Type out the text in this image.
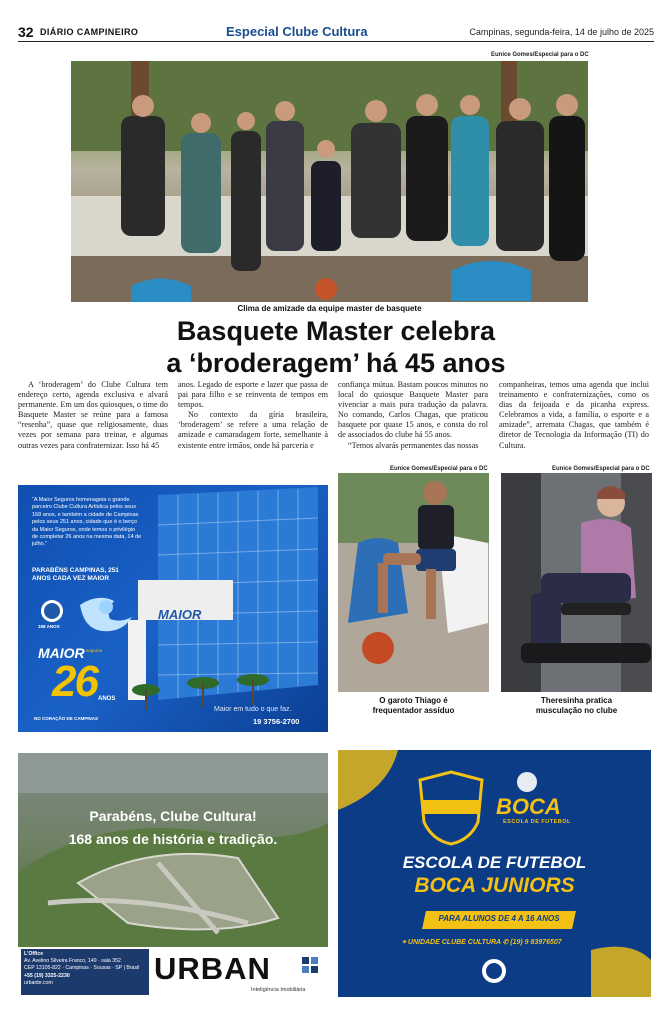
32 DIÁRIO CAMPINEIRO	Especial Clube Cultura	Campinas, segunda-feira, 14 de julho de 2025
Eunice Gomes/Especial para o DC
Clima de amizade da equipe master de basquete
Basquete Master celebra
a ‘broderagem’ há 45 anos

A ‘broderagem’ do Clube Cultura tem endereço certo, agenda exclusiva e alvará permanente. Em um dos quiosques, o time do Basquete Master se reúne para a famosa “resenha”, quase que religiosamente, duas vezes por semana para treinar, e algumas outras vezes para confraternizar. Isso há 45

anos. Legado de esporte e lazer que passa de pai para filho e se reinventa de tempos em tempos.

No contexto da gíria brasileira, ‘broderagem’ se refere a uma relação de amizade e camaradagem forte, semelhante à existente entre irmãos, onde há parceria e

confiança mútua. Bastam poucos minutos no local do quiosque Basquete Master para vivenciar a mais pura tradução da palavra. No comando, Carlos Chagas, que praticou basquete por quase 15 anos, e consta do rol de associados do clube há 55 anos.

“Temos alvarás permanentes das nossas

companheiras, temos uma agenda que inclui treinamento e confraternizações, como os dias da feijoada e da picanha express. Celebramos a vida, a família, o esporte e a amizade”, arremata Chagas, que também é diretor de Tecnologia da Informação (TI) do Cultura.

“A Maior Seguros homenageia o grande parceiro Clube Cultura Artística pelos seus 168 anos, e também a cidade de Campinas pelos seus 251 anos, cidade que é o berço da Maior Seguros, onde temos o privilégio de completar 26 anos na mesma data, 14 de julho.”
PARABÉNS CAMPINAS, 251 ANOS CADA VEZ MAIOR
168 ANOS
MAIOR seguros
26 ANOS
NO CORAÇÃO DE CAMPINAS
MAIOR
Maior em tudo o que faz.
19 3756-2700
Eunice Gomes/Especial para o DC
O garoto Thiago é
frequentador assíduo
Eunice Gomes/Especial para o DC
Theresinha pratica
musculação no clube
Parabéns, Clube Cultura!
168 anos de história e tradição.
L'Office
Av. Avelino Silveira Franco, 149 · sala 352
CEP 13105-822 · Campinas · Sousas · SP | Brasil
+55 (19) 3325-2230
urbanbr.com	URBAN
Inteligência Imobiliária
CABJ
BOCA
ESCOLA DE FUTEBOL
ESCOLA DE FUTEBOL
BOCA JUNIORS
PARA ALUNOS DE 4 A 16 ANOS
⌖ UNIDADE CLUBE CULTURA ✆ (19) 9 83976507
